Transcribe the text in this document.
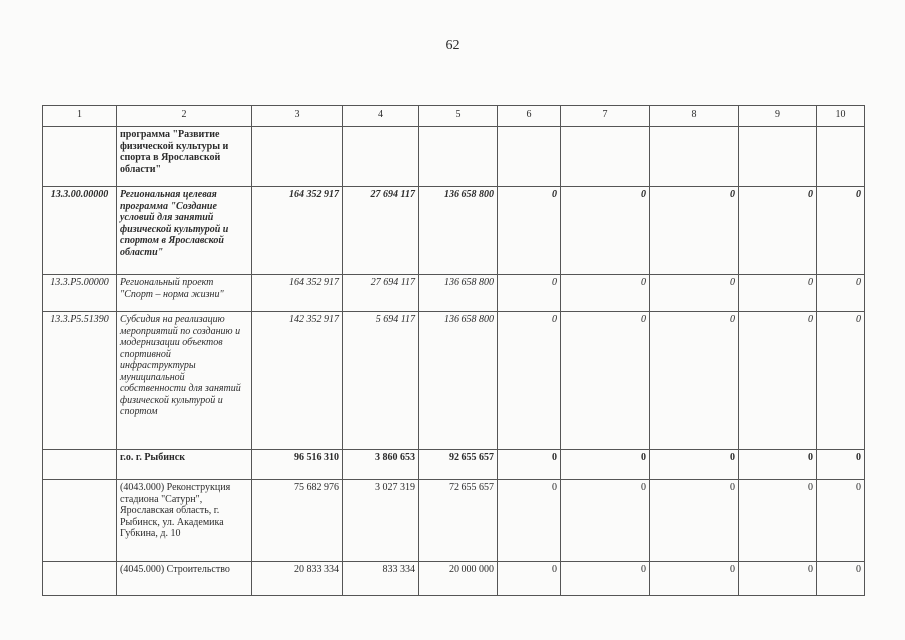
62
1	2	3	4	5	6	7	8	9	10
	программа "Развитие физической культуры и спорта в Ярославской области"								
13.3.00.00000	Региональная целевая программа "Создание условий для занятий физической культурой и спортом в Ярославской области"	164 352 917	27 694 117	136 658 800	0	0	0	0	0
13.3.P5.00000	Региональный проект "Спорт – норма жизни"	164 352 917	27 694 117	136 658 800	0	0	0	0	0
13.3.P5.51390	Субсидия на реализацию мероприятий по созданию и модернизации объектов спортивной инфраструктуры муниципальной собственности для занятий физической культурой и спортом	142 352 917	5 694 117	136 658 800	0	0	0	0	0
	г.о. г. Рыбинск	96 516 310	3 860 653	92 655 657	0	0	0	0	0
	(4043.000) Реконструкция стадиона "Сатурн", Ярославская область, г. Рыбинск, ул. Академика Губкина, д. 10	75 682 976	3 027 319	72 655 657	0	0	0	0	0
	(4045.000) Строительство	20 833 334	833 334	20 000 000	0	0	0	0	0
